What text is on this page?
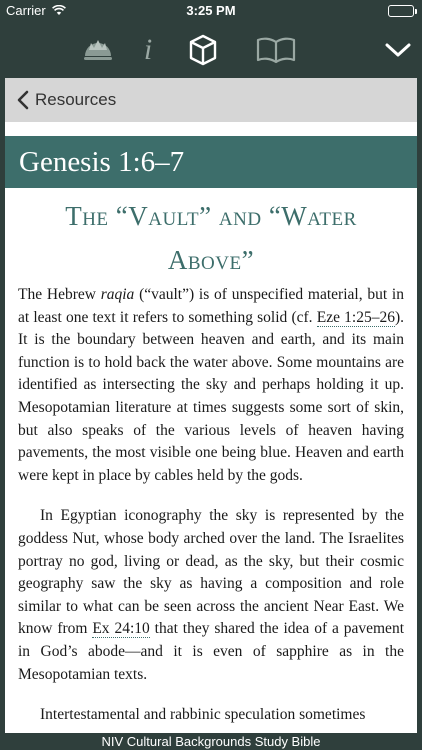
Carrier	3:25 PM
i
Resources
Genesis 1:6–7
The “Vault” and “Water
Above”

The Hebrew raqia (“vault”) is of unspecified material, but in at least one text it refers to something solid (cf. Eze 1:25–26). It is the boundary between heaven and earth, and its main function is to hold back the water above. Some mountains are identified as intersecting the sky and perhaps holding it up. Mesopotamian literature at times suggests some sort of skin, but also speaks of the various levels of heaven having pavements, the most visible one being blue. Heaven and earth were kept in place by cables held by the gods.

In Egyptian iconography the sky is represented by the goddess Nut, whose body arched over the land. The Israelites portray no god, living or dead, as the sky, but their cosmic geography saw the sky as having a composition and role similar to what can be seen across the ancient Near East. We know from Ex 24:10 that they shared the idea of a pavement in God’s abode—and it is even of sapphire as in the Mesopotamian texts.

Intertestamental and rabbinic speculation sometimes

NIV Cultural Backgrounds Study Bible
